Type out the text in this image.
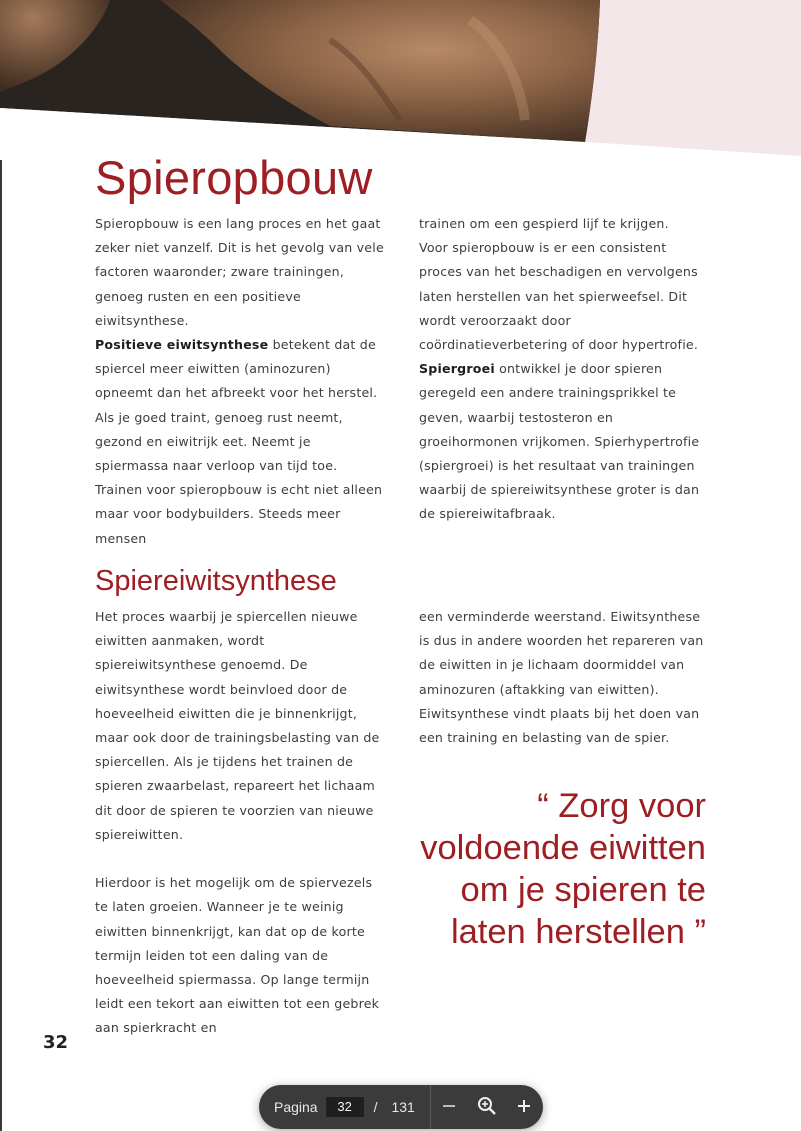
Spieropbouw

Spieropbouw is een lang proces en het gaat zeker niet vanzelf. Dit is het gevolg van vele factoren waaronder; zware trainingen, genoeg rusten en een positieve eiwitsynthese.

Positieve eiwitsynthese betekent dat de spiercel meer eiwitten (aminozuren) opneemt dan het afbreekt voor het herstel. Als je goed traint, genoeg rust neemt, gezond en eiwitrijk eet. Neemt je spiermassa naar verloop van tijd toe.

Trainen voor spieropbouw is echt niet alleen maar voor bodybuilders. Steeds meer mensen

trainen om een gespierd lijf te krijgen.

Voor spieropbouw is er een consistent proces van het beschadigen en vervolgens laten herstellen van het spierweefsel. Dit wordt veroorzaakt door coördinatieverbetering of door hypertrofie. Spiergroei ontwikkel je door spieren geregeld een andere trainingsprikkel te geven, waarbij testosteron en groeihormonen vrijkomen. Spierhypertrofie (spiergroei) is het resultaat van trainingen waarbij de spiereiwitsynthese groter is dan de spiereiwitafbraak.

Spiereiwitsynthese

Het proces waarbij je spiercellen nieuwe eiwitten aanmaken, wordt spiereiwitsynthese genoemd. De eiwitsynthese wordt beinvloed door de hoeveelheid eiwitten die je binnenkrijgt, maar ook door de trainingsbelasting van de spiercellen. Als je tijdens het trainen de spieren zwaarbelast, repareert het lichaam dit door de spieren te voorzien van nieuwe spiereiwitten.

Hierdoor is het mogelijk om de spiervezels te laten groeien. Wanneer je te weinig eiwitten binnenkrijgt, kan dat op de korte termijn leiden tot een daling van de hoeveelheid spiermassa. Op lange termijn leidt een tekort aan eiwitten tot een gebrek aan spierkracht en

een verminderde weerstand. Eiwitsynthese is dus in andere woorden het repareren van de eiwitten in je lichaam doormiddel van aminozuren (aftakking van eiwitten). Eiwitsynthese vindt plaats bij het doen van een training en belasting van de spier.

“ Zorg voor voldoende eiwitten om je spieren te laten herstellen ”
32
Pagina
32	/ 131
